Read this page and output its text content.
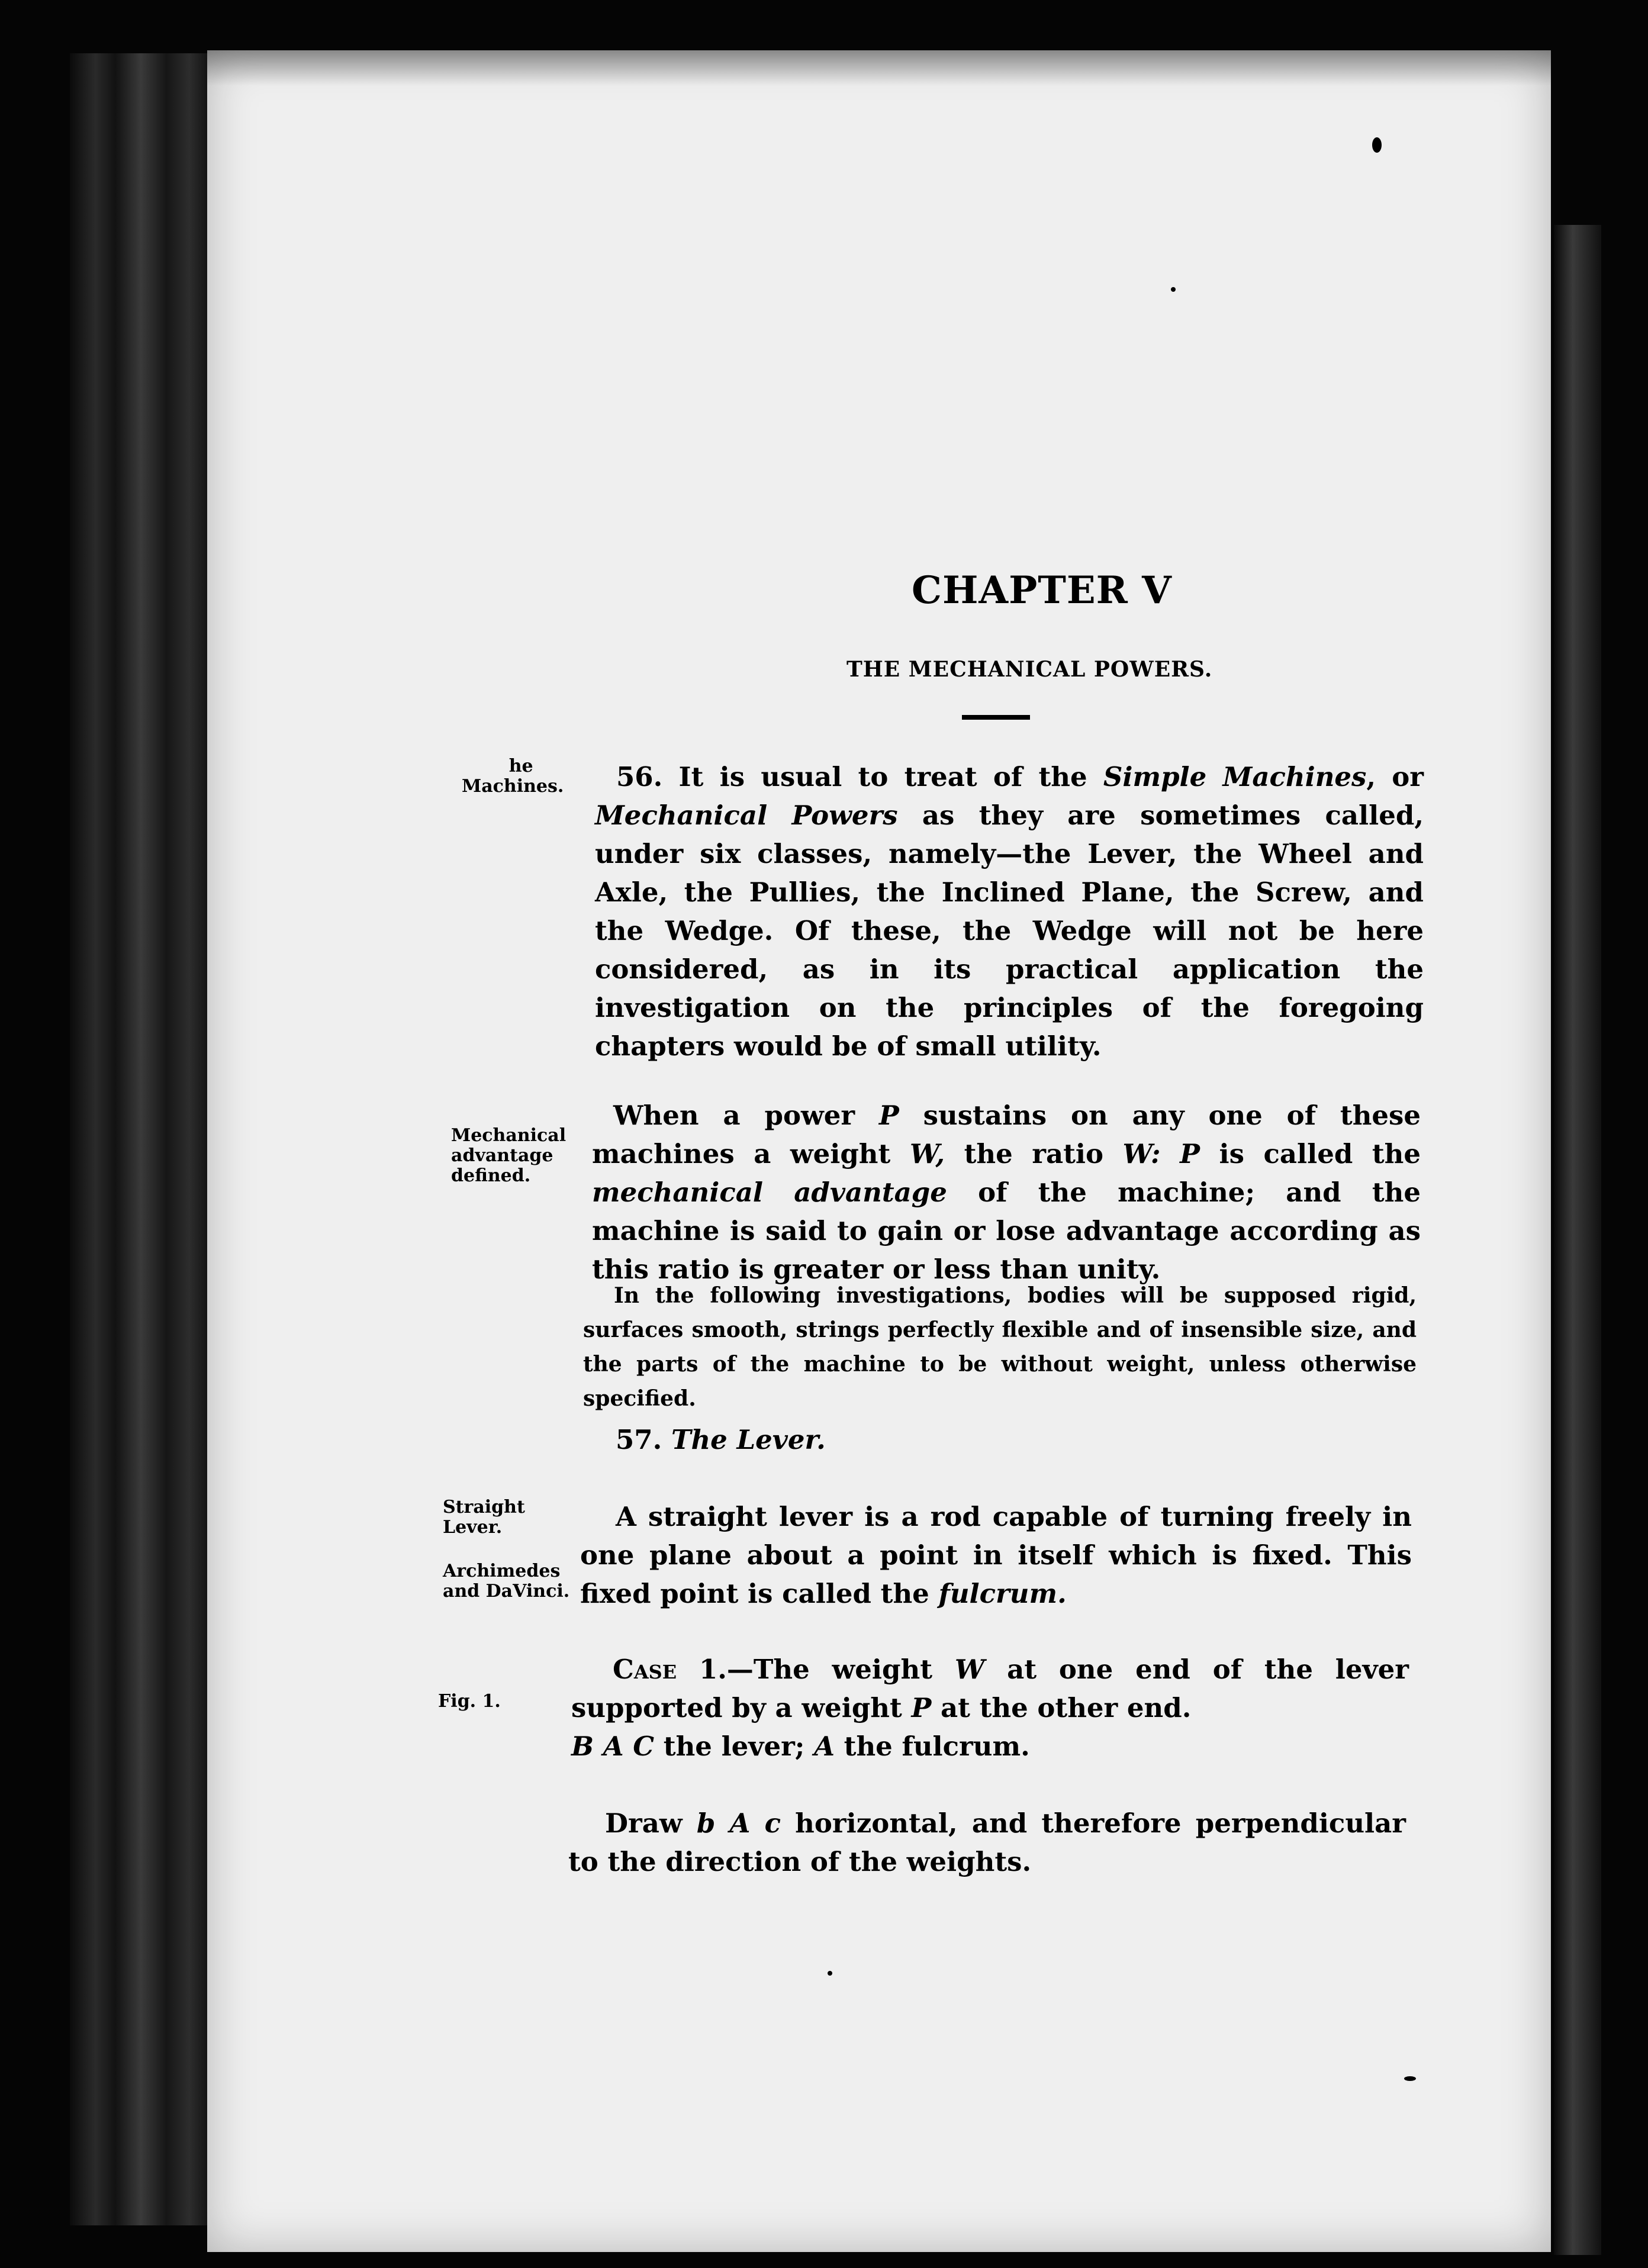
CHAPTER V
THE MECHANICAL POWERS.
he
Machines.	56. It is usual to treat of the Simple Machines, or Mechanical Powers as they are sometimes called, under six classes, namely—the Lever, the Wheel and Axle, the Pullies, the Inclined Plane, the Screw, and the Wedge. Of these, the Wedge will not be here considered, as in its practical application the investigation on the principles of the foregoing chapters would be of small utility.

Mechanical
advantage
defined.

When a power P sustains on any one of these machines a weight W, the ratio W: P is called the mechanical advantage of the machine; and the machine is said to gain or lose advantage according as this ratio is greater or less than unity.

In the following investigations, bodies will be supposed rigid, surfaces smooth, strings perfectly flexible and of insensible size, and the parts of the machine to be without weight, unless otherwise specified.

57. The Lever.
Straight
Lever.
Archimedes
and DaVinci.

A straight lever is a rod capable of turning freely in one plane about a point in itself which is fixed. This fixed point is called the fulcrum.

Fig. 1.

Case 1.—The weight W at one end of the lever supported by a weight P at the other end.

B A C the lever; A the fulcrum.

Draw b A c horizontal, and therefore perpendicular to the direction of the weights.
